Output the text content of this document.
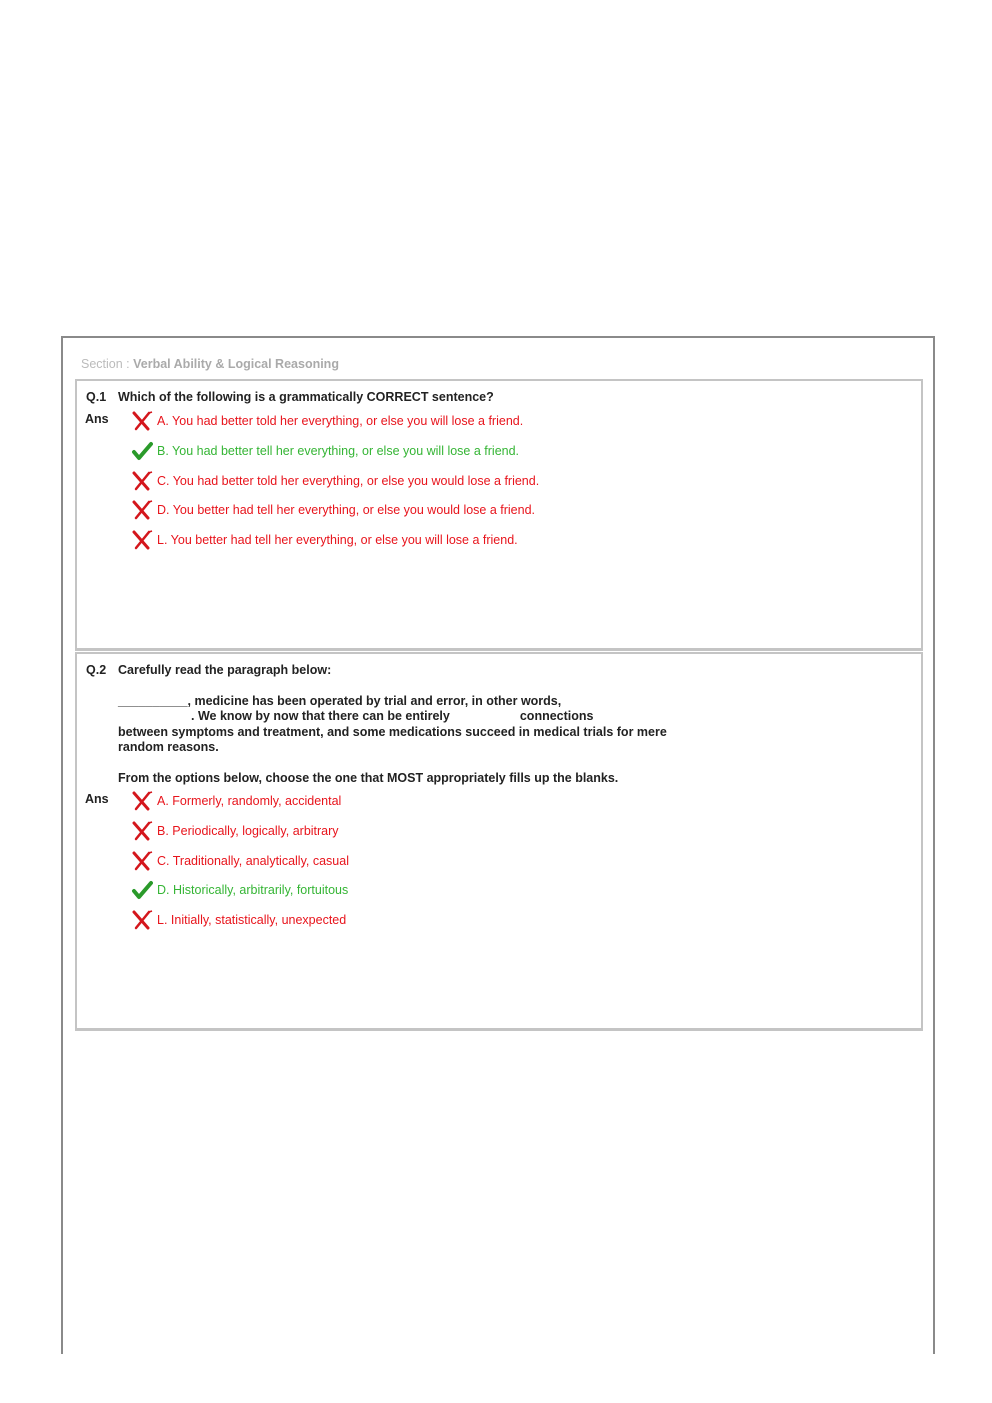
Section : Verbal Ability & Logical Reasoning
Q.1 Which of the following is a grammatically CORRECT sentence?
Ans	A. You had better told her everything, or else you will lose a friend.
B. You had better tell her everything, or else you will lose a friend.
C. You had better told her everything, or else you would lose a friend.
D. You better had tell her everything, or else you would lose a friend.
L. You better had tell her everything, or else you will lose a friend.
Q.2 Carefully read the paragraph below:

__________, medicine has been operated by trial and error, in other words,

. We know by now that there can be entirely	connections

between symptoms and treatment, and some medications succeed in medical trials for mere random reasons.

From the options below, choose the one that MOST appropriately fills up the blanks.

Ans	A. Formerly, randomly, accidental
B. Periodically, logically, arbitrary
C. Traditionally, analytically, casual
D. Historically, arbitrarily, fortuitous
L. Initially, statistically, unexpected
